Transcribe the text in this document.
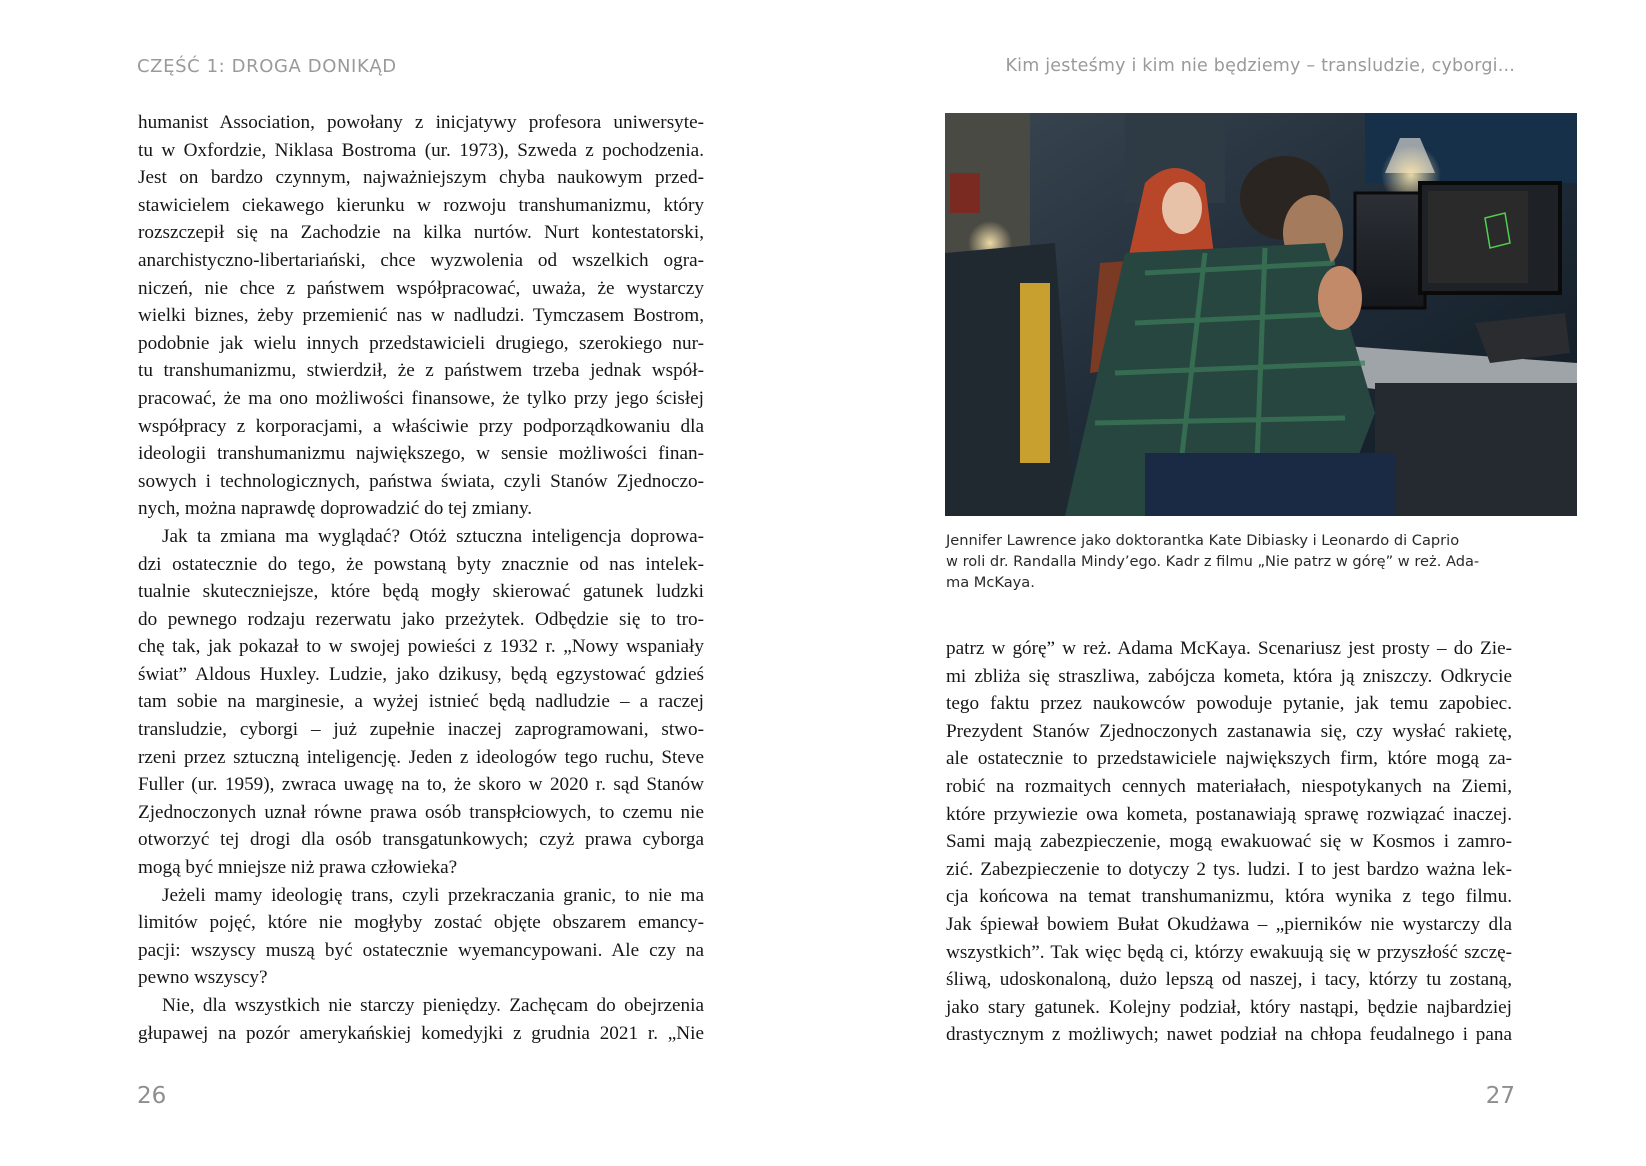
CZĘŚĆ 1: DROGA DONIKĄD
humanist Association, powołany z inicjatywy profesora uniwersyte-
tu w Oxfordzie, Niklasa Bostroma (ur. 1973), Szweda z pochodzenia.
Jest on bardzo czynnym, najważniejszym chyba naukowym przed-
stawicielem ciekawego kierunku w rozwoju transhumanizmu, który
rozszczepił się na Zachodzie na kilka nurtów. Nurt kontestatorski,
anarchistyczno-libertariański, chce wyzwolenia od wszelkich ogra-
niczeń, nie chce z państwem współpracować, uważa, że wystarczy
wielki biznes, żeby przemienić nas w nadludzi. Tymczasem Bostrom,
podobnie jak wielu innych przedstawicieli drugiego, szerokiego nur-
tu transhumanizmu, stwierdził, że z państwem trzeba jednak współ-
pracować, że ma ono możliwości finansowe, że tylko przy jego ścisłej
współpracy z korporacjami, a właściwie przy podporządkowaniu dla
ideologii transhumanizmu największego, w sensie możliwości finan-
sowych i technologicznych, państwa świata, czyli Stanów Zjednoczo-
nych, można naprawdę doprowadzić do tej zmiany.
Jak ta zmiana ma wyglądać? Otóż sztuczna inteligencja doprowa-
dzi ostatecznie do tego, że powstaną byty znacznie od nas intelek-
tualnie skuteczniejsze, które będą mogły skierować gatunek ludzki
do pewnego rodzaju rezerwatu jako przeżytek. Odbędzie się to tro-
chę tak, jak pokazał to w swojej powieści z 1932 r. „Nowy wspaniały
świat” Aldous Huxley. Ludzie, jako dzikusy, będą egzystować gdzieś
tam sobie na marginesie, a wyżej istnieć będą nadludzie – a raczej
transludzie, cyborgi – już zupełnie inaczej zaprogramowani, stwo-
rzeni przez sztuczną inteligencję. Jeden z ideologów tego ruchu, Steve
Fuller (ur. 1959), zwraca uwagę na to, że skoro w 2020 r. sąd Stanów
Zjednoczonych uznał równe prawa osób transpłciowych, to czemu nie
otworzyć tej drogi dla osób transgatunkowych; czyż prawa cyborga
mogą być mniejsze niż prawa człowieka?
Jeżeli mamy ideologię trans, czyli przekraczania granic, to nie ma
limitów pojęć, które nie mogłyby zostać objęte obszarem emancy-
pacji: wszyscy muszą być ostatecznie wyemancypowani. Ale czy na
pewno wszyscy?
Nie, dla wszystkich nie starczy pieniędzy. Zachęcam do obejrzenia
głupawej na pozór amerykańskiej komedyjki z grudnia 2021 r. „Nie
26
Kim jesteśmy i kim nie będziemy – transludzie, cyborgi...
Jennifer Lawrence jako doktorantka Kate Dibiasky i Leonardo di Caprio
w roli dr. Randalla Mindy’ego. Kadr z filmu „Nie patrz w górę” w reż. Ada-
ma McKaya.
patrz w górę” w reż. Adama McKaya. Scenariusz jest prosty – do Zie-
mi zbliża się straszliwa, zabójcza kometa, która ją zniszczy. Odkrycie
tego faktu przez naukowców powoduje pytanie, jak temu zapobiec.
Prezydent Stanów Zjednoczonych zastanawia się, czy wysłać rakietę,
ale ostatecznie to przedstawiciele największych firm, które mogą za-
robić na rozmaitych cennych materiałach, niespotykanych na Ziemi,
które przywiezie owa kometa, postanawiają sprawę rozwiązać inaczej.
Sami mają zabezpieczenie, mogą ewakuować się w Kosmos i zamro-
zić. Zabezpieczenie to dotyczy 2 tys. ludzi. I to jest bardzo ważna lek-
cja końcowa na temat transhumanizmu, która wynika z tego filmu.
Jak śpiewał bowiem Bułat Okudżawa – „pierników nie wystarczy dla
wszystkich”. Tak więc będą ci, którzy ewakuują się w przyszłość szczę-
śliwą, udoskonaloną, dużo lepszą od naszej, i tacy, którzy tu zostaną,
jako stary gatunek. Kolejny podział, który nastąpi, będzie najbardziej
drastycznym z możliwych; nawet podział na chłopa feudalnego i pana
27
